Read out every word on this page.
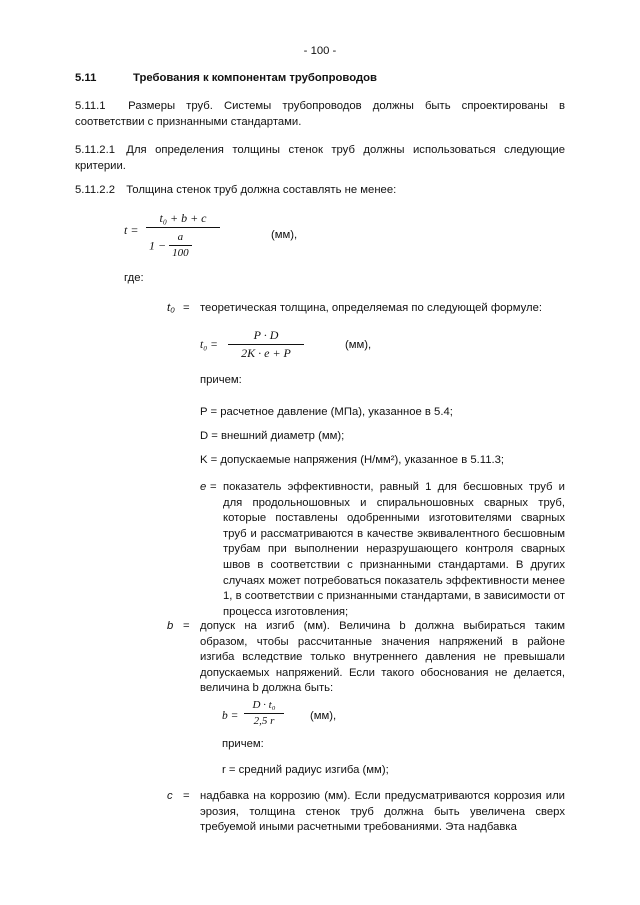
- 100 -
5.11	Требования к компонентам трубопроводов
5.11.1  Размеры труб. Системы трубопроводов должны быть спроектированы в соответствии с признанными стандартами.
5.11.2.1 Для определения толщины стенок труб должны использоваться следующие критерии.
5.11.2.2 Толщина стенок труб должна составлять не менее:
$t = \frac{\text{t₀ + b + c}}{1 - \frac{a}{100}}$	(мм),
где:
t₀ = теоретическая толщина, определяемая по следующей формуле:
$t_0 = \frac{P \cdot D}{2K \cdot e + P}$	(мм),
причем:
P = расчетное давление (МПа), указанное в 5.4;
D = внешний диаметр (мм);
K = допускаемые напряжения (Н/мм²), указанное в 5.11.3;
e = показатель эффективности, равный 1 для бесшовных труб и для продольношовных и спиральношовных сварных труб, которые поставлены одобренными изготовителями сварных труб и рассматриваются в качестве эквивалентного бесшовным трубам при выполнении неразрушающего контроля сварных швов в соответствии с признанными стандартами. В других случаях может потребоваться показатель эффективности менее 1, в соответствии с признанными стандартами, в зависимости от процесса изготовления;
b = допуск на изгиб (мм). Величина b должна выбираться таким образом, чтобы рассчитанные значения напряжений в районе изгиба вследствие только внутреннего давления не превышали допускаемых напряжений. Если такого обоснования не делается, величина b должна быть:
$b = \frac{\text{D · t₀}}{2,5 r} (мм)$,
причем:
r = средний радиус изгиба (мм);
c = надбавка на коррозию (мм). Если предусматриваются коррозия или эрозия, толщина стенок труб должна быть увеличена сверх требуемой иными расчетными требованиями. Эта надбавка
